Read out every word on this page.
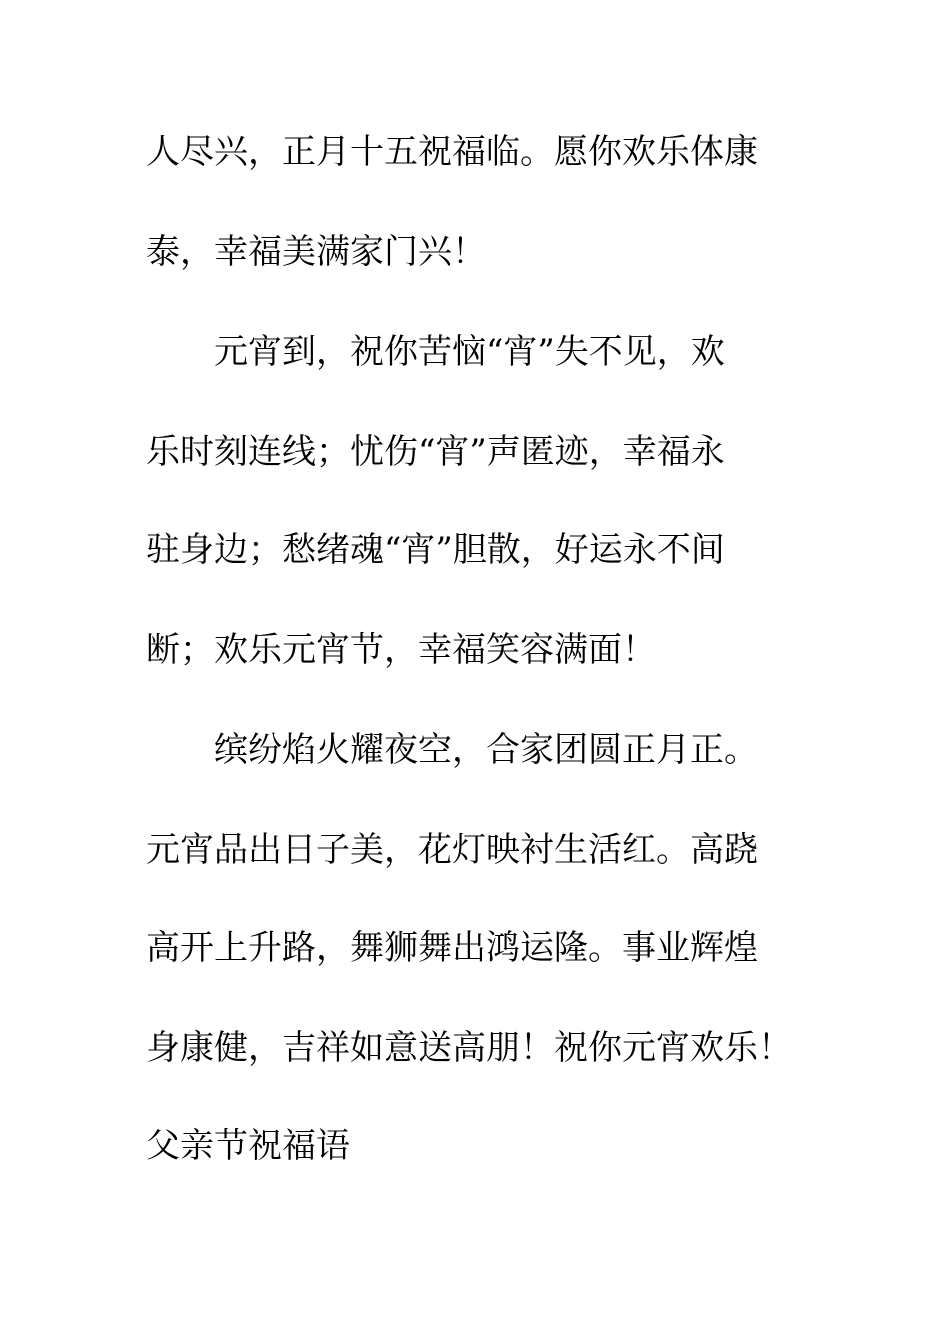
人尽兴，正月十五祝福临。愿你欢乐体康
泰，幸福美满家门兴！
元宵到，祝你苦恼“宵”失不见，欢
乐时刻连线；忧伤“宵”声匿迹，幸福永
驻身边；愁绪魂“宵”胆散，好运永不间
断；欢乐元宵节，幸福笑容满面！
缤纷焰火耀夜空，合家团圆正月正。
元宵品出日子美，花灯映衬生活红。高跷
高开上升路，舞狮舞出鸿运隆。事业辉煌
身康健，吉祥如意送高朋！祝你元宵欢乐！
父亲节祝福语
